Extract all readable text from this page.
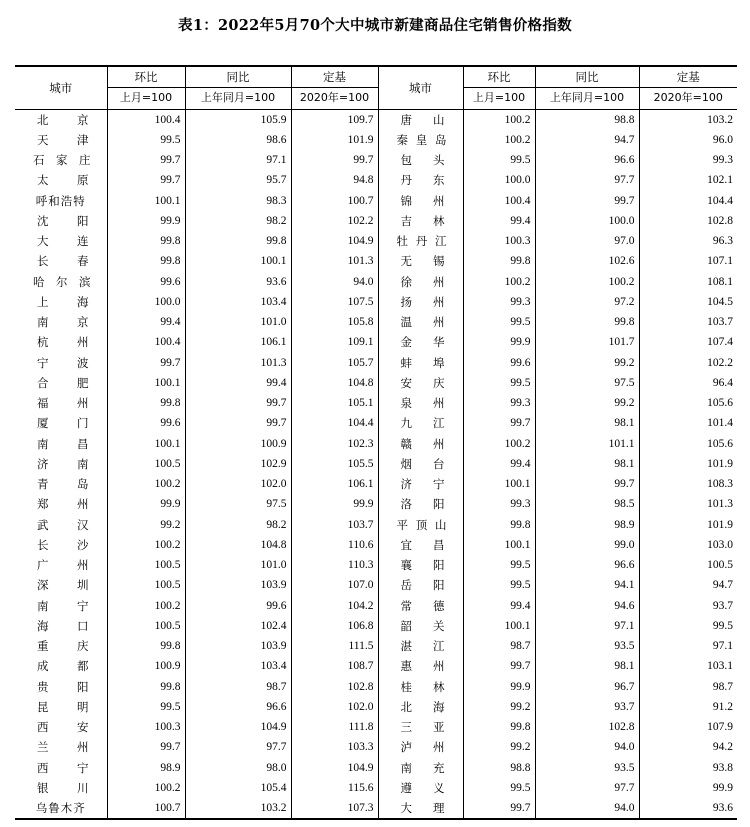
表1：2022年5月70个大中城市新建商品住宅销售价格指数
城市	环比	同比	定基	城市	环比	同比	定基
	上月=100	上年同月=100	2020年=100		上月=100	上年同月=100	2020年=100

北 京	100.4	105.9	109.7	唐 山	100.2	98.8	103.2

天 津	99.5	98.6	101.9	秦 皇 岛	100.2	94.7	96.0

石 家 庄	99.7	97.1	99.7	包 头	99.5	96.6	99.3

太 原	99.7	95.7	94.8	丹 东	100.0	97.7	102.1

呼和浩特	100.1	98.3	100.7	锦 州	100.4	99.7	104.4

沈 阳	99.9	98.2	102.2	吉 林	99.4	100.0	102.8

大 连	99.8	99.8	104.9	牡 丹 江	100.3	97.0	96.3

长 春	99.8	100.1	101.3	无 锡	99.8	102.6	107.1

哈 尔 滨	99.6	93.6	94.0	徐 州	100.2	100.2	108.1

上 海	100.0	103.4	107.5	扬 州	99.3	97.2	104.5

南 京	99.4	101.0	105.8	温 州	99.5	99.8	103.7

杭 州	100.4	106.1	109.1	金 华	99.9	101.7	107.4

宁 波	99.7	101.3	105.7	蚌 埠	99.6	99.2	102.2

合 肥	100.1	99.4	104.8	安 庆	99.5	97.5	96.4

福 州	99.8	99.7	105.1	泉 州	99.3	99.2	105.6

厦 门	99.6	99.7	104.4	九 江	99.7	98.1	101.4

南 昌	100.1	100.9	102.3	赣 州	100.2	101.1	105.6

济 南	100.5	102.9	105.5	烟 台	99.4	98.1	101.9

青 岛	100.2	102.0	106.1	济 宁	100.1	99.7	108.3

郑 州	99.9	97.5	99.9	洛 阳	99.3	98.5	101.3

武 汉	99.2	98.2	103.7	平 顶 山	99.8	98.9	101.9

长 沙	100.2	104.8	110.6	宜 昌	100.1	99.0	103.0

广 州	100.5	101.0	110.3	襄 阳	99.5	96.6	100.5

深 圳	100.5	103.9	107.0	岳 阳	99.5	94.1	94.7

南 宁	100.2	99.6	104.2	常 德	99.4	94.6	93.7

海 口	100.5	102.4	106.8	韶 关	100.1	97.1	99.5

重 庆	99.8	103.9	111.5	湛 江	98.7	93.5	97.1

成 都	100.9	103.4	108.7	惠 州	99.7	98.1	103.1

贵 阳	99.8	98.7	102.8	桂 林	99.9	96.7	98.7

昆 明	99.5	96.6	102.0	北 海	99.2	93.7	91.2

西 安	100.3	104.9	111.8	三 亚	99.8	102.8	107.9

兰 州	99.7	97.7	103.3	泸 州	99.2	94.0	94.2

西 宁	98.9	98.0	104.9	南 充	98.8	93.5	93.8

银 川	100.2	105.4	115.6	遵 义	99.5	97.7	99.9

乌鲁木齐	100.7	103.2	107.3	大 理	99.7	94.0	93.6
